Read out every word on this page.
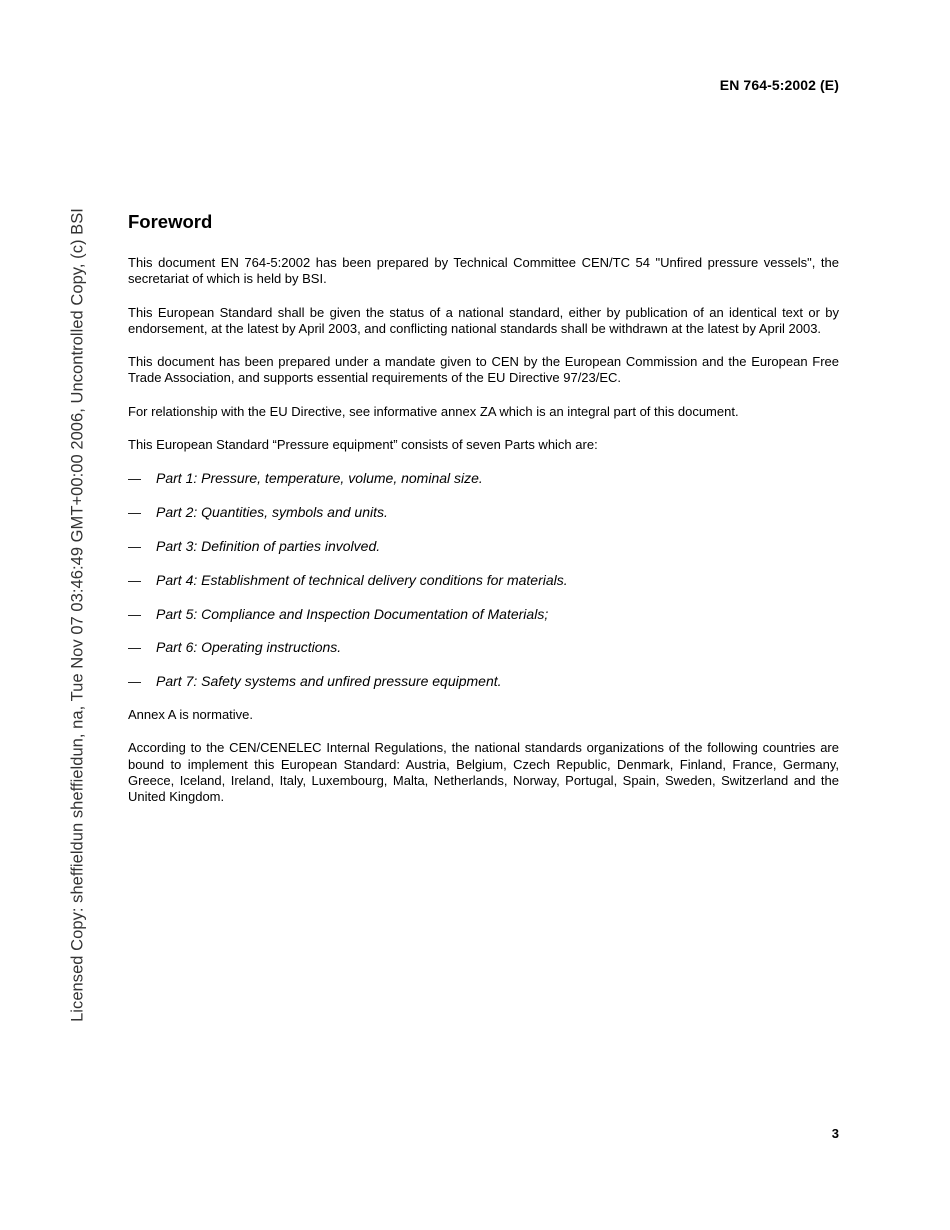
EN 764-5:2002 (E)
Licensed Copy: sheffieldun sheffieldun, na, Tue Nov 07 03:46:49 GMT+00:00 2006, Uncontrolled Copy, (c) BSI Foreword

This document EN 764-5:2002 has been prepared by Technical Committee CEN/TC 54 "Unfired pressure vessels", the secretariat of which is held by BSI.

This European Standard shall be given the status of a national standard, either by publication of an identical text or by endorsement, at the latest by April 2003, and conflicting national standards shall be withdrawn at the latest by April 2003.

This document has been prepared under a mandate given to CEN by the European Commission and the European Free Trade Association, and supports essential requirements of the EU Directive 97/23/EC.

For relationship with the EU Directive, see informative annex ZA which is an integral part of this document.

This European Standard “Pressure equipment” consists of seven Parts which are:

— Part 1: Pressure, temperature, volume, nominal size.
— Part 2: Quantities, symbols and units.
— Part 3: Definition of parties involved.
— Part 4: Establishment of technical delivery conditions for materials.
— Part 5: Compliance and Inspection Documentation of Materials;
— Part 6: Operating instructions.
— Part 7: Safety systems and unfired pressure equipment.

Annex A is normative.

According to the CEN/CENELEC Internal Regulations, the national standards organizations of the following countries are bound to implement this European Standard: Austria, Belgium, Czech Republic, Denmark, Finland, France, Germany, Greece, Iceland, Ireland, Italy, Luxembourg, Malta, Netherlands, Norway, Portugal, Spain, Sweden, Switzerland and the United Kingdom.

3
